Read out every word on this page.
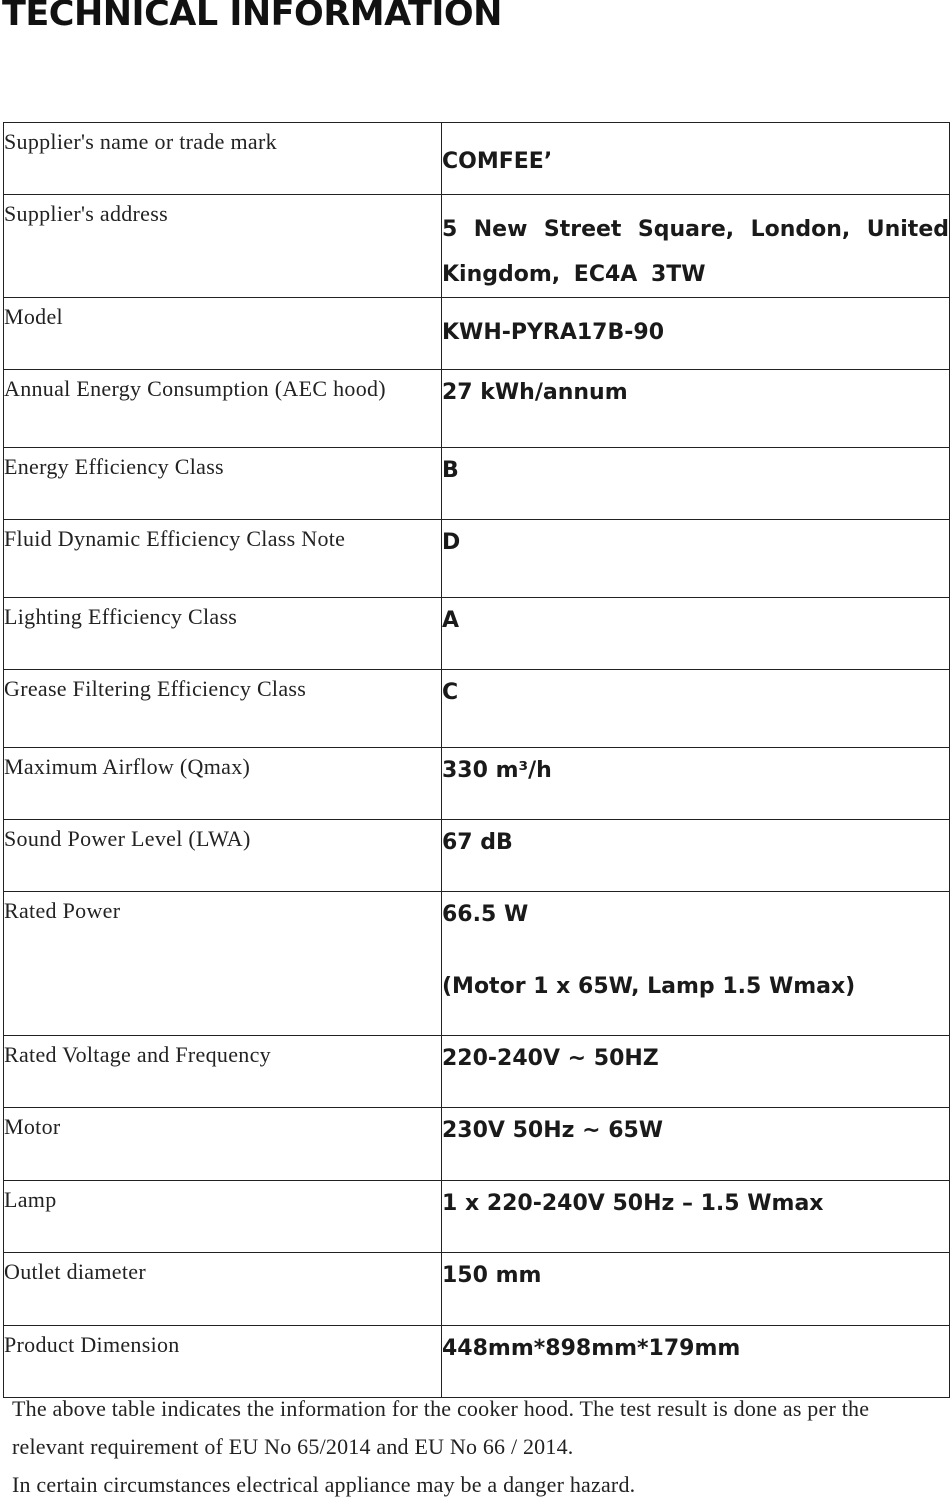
TECHNICAL INFORMATION
Supplier's name or trade mark	COMFEE’
Supplier's address	5 New Street Square, London, United Kingdom, EC4A 3TW
Model	KWH-PYRA17B-90
Annual Energy Consumption (AEC hood)	27 kWh/annum
Energy Efficiency Class	B
Fluid Dynamic Efficiency Class Note	D
Lighting Efficiency Class	A
Grease Filtering Efficiency Class	C
Maximum Airflow (Qmax)	330 m³/h
Sound Power Level (LWA)	67 dB
Rated Power	66.5 W
(Motor 1 x 65W, Lamp 1.5 Wmax)

Rated Voltage and Frequency	220-240V ~ 50HZ
Motor	230V 50Hz ~ 65W
Lamp	1 x 220-240V 50Hz – 1.5 Wmax
Outlet diameter	150 mm
Product Dimension	448mm*898mm*179mm

The above table indicates the information for the cooker hood. The test result is done as per the relevant requirement of EU No 65/2014 and EU No 66 / 2014.

In certain circumstances electrical appliance may be a danger hazard.
